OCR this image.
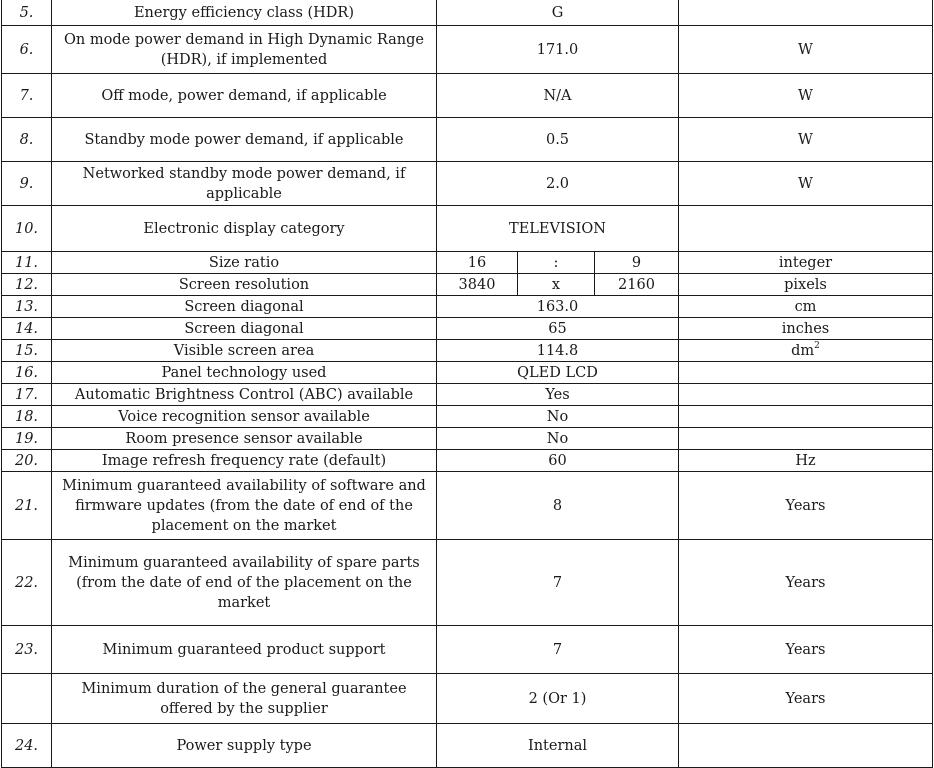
5.	Energy efficiency class (HDR)	G			
6.	On mode power demand in High Dynamic Range (HDR), if implemented	171.0			W
7.	Off mode, power demand, if applicable	N/A			W
8.	Standby mode power demand, if applicable	0.5			W
9.	Networked standby mode power demand, if applicable	2.0			W
10.	Electronic display category	TELEVISION			
11.	Size ratio	16	:	9	integer
12.	Screen resolution	3840	x	2160	pixels
13.	Screen diagonal	163.0			cm
14.	Screen diagonal	65			inches
15.	Visible screen area	114.8			$dm^2$
16.	Panel technology used	QLED LCD			
17.	Automatic Brightness Control (ABC) available	Yes			
18.	Voice recognition sensor available	No			
19.	Room presence sensor available	No			
20.	Image refresh frequency rate (default)	60			Hz
21.	Minimum guaranteed availability of software and firmware updates (from the date of end of the placement on the market	8			Years
22.	Minimum guaranteed availability of spare parts (from the date of end of the placement on the market	7			Years
23.	Minimum guaranteed product support	7			Years
	Minimum duration of the general guarantee offered by the supplier	2 (Or 1)			Years
24.	Power supply type	Internal			
